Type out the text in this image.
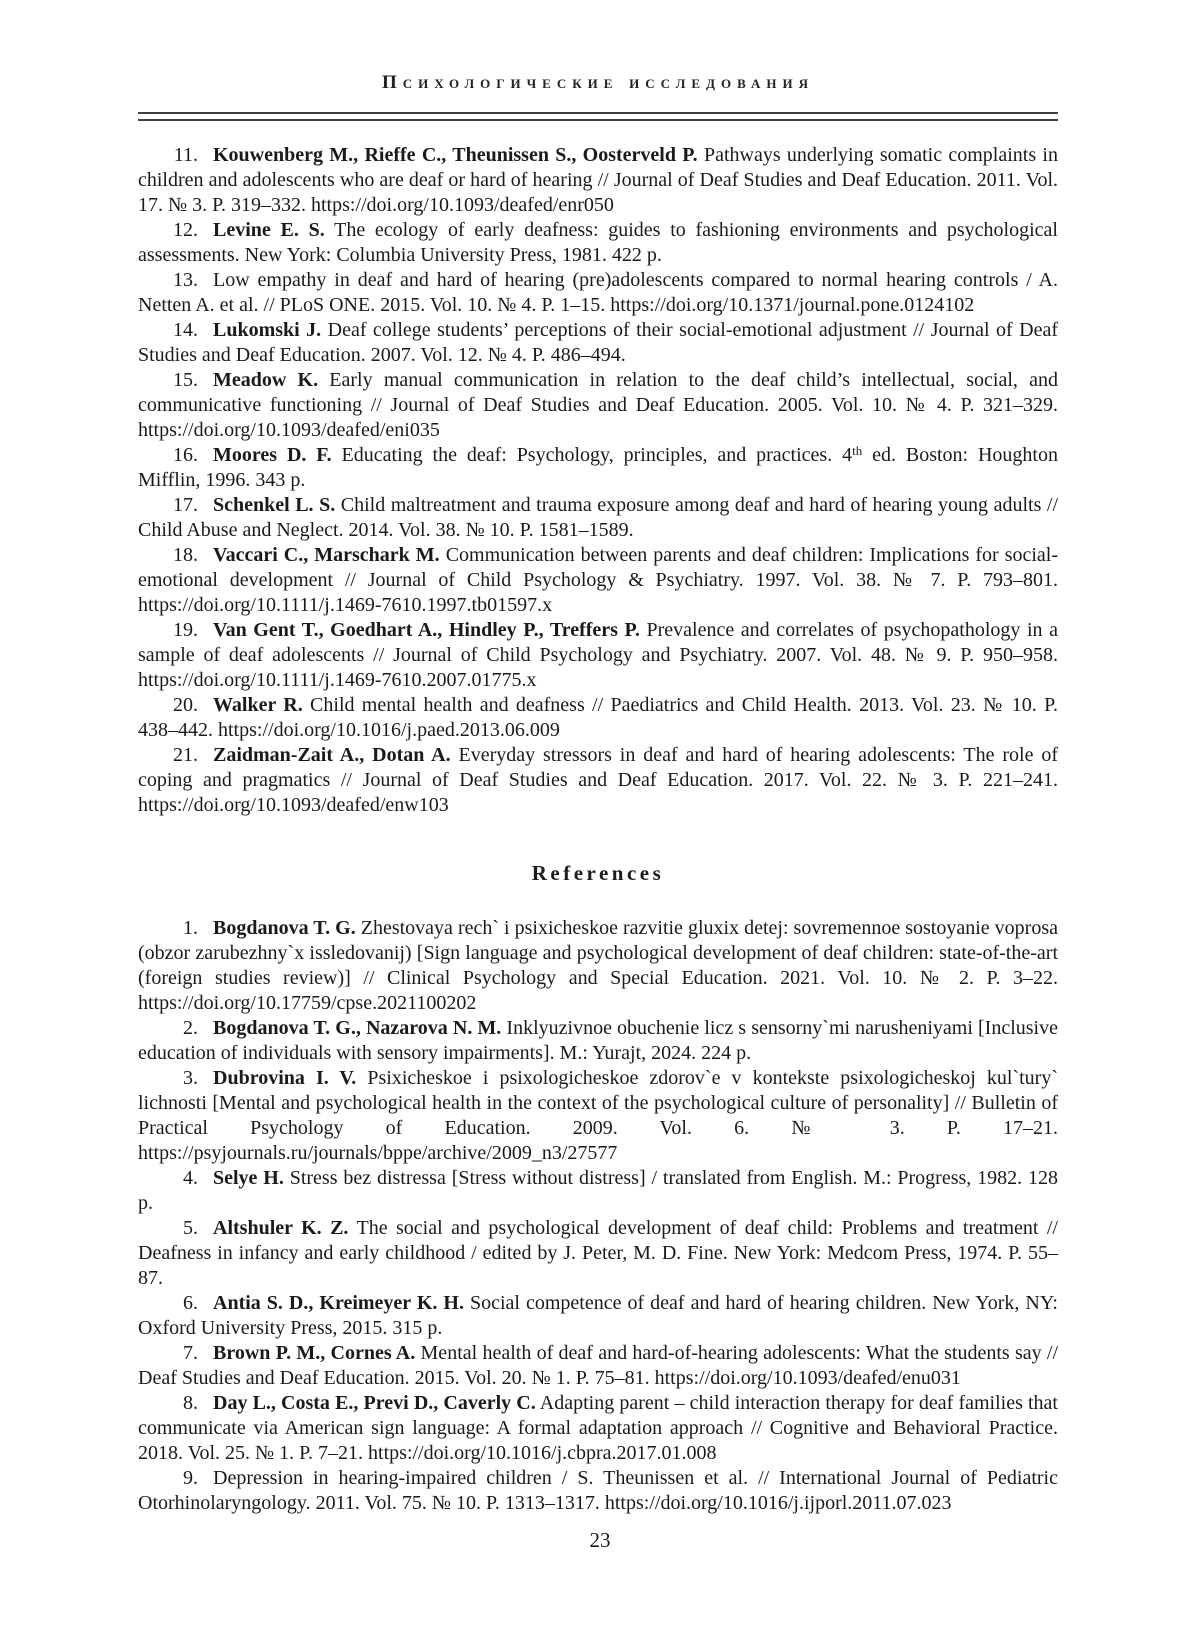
Психологические исследования

11. Kouwenberg M., Rieffe C., Theunissen S., Oosterveld P. Pathways underlying somatic complaints in children and adolescents who are deaf or hard of hearing // Journal of Deaf Studies and Deaf Education. 2011. Vol. 17. № 3. P. 319–332. https://doi.org/10.1093/deafed/enr050

12. Levine E. S. The ecology of early deafness: guides to fashioning environments and psychological assessments. New York: Columbia University Press, 1981. 422 p.

13. Low empathy in deaf and hard of hearing (pre)adolescents compared to normal hearing controls / A. Netten A. et al. // PLoS ONE. 2015. Vol. 10. № 4. P. 1–15. https://doi.org/10.1371/journal.pone.0124102

14. Lukomski J. Deaf college students’ perceptions of their social-emotional adjustment // Journal of Deaf Studies and Deaf Education. 2007. Vol. 12. № 4. P. 486–494.

15. Meadow K. Early manual communication in relation to the deaf child’s intellectual, social, and communicative functioning // Journal of Deaf Studies and Deaf Education. 2005. Vol. 10. № 4. P. 321–329. https://doi.org/10.1093/deafed/eni035

16. Moores D. F. Educating the deaf: Psychology, principles, and practices. 4th ed. Boston: Houghton Mifflin, 1996. 343 p.

17. Schenkel L. S. Child maltreatment and trauma exposure among deaf and hard of hearing young adults // Child Abuse and Neglect. 2014. Vol. 38. № 10. P. 1581–1589.

18. Vaccari C., Marschark M. Communication between parents and deaf children: Implications for social-emotional development // Journal of Child Psychology & Psychiatry. 1997. Vol. 38. № 7. P. 793–801. https://doi.org/10.1111/j.1469-7610.1997.tb01597.x

19. Van Gent T., Goedhart A., Hindley P., Treffers P. Prevalence and correlates of psychopathology in a sample of deaf adolescents // Journal of Child Psychology and Psychiatry. 2007. Vol. 48. № 9. P. 950–958. https://doi.org/10.1111/j.1469-7610.2007.01775.x

20. Walker R. Child mental health and deafness // Paediatrics and Child Health. 2013. Vol. 23. № 10. P. 438–442. https://doi.org/10.1016/j.paed.2013.06.009

21. Zaidman-Zait A., Dotan A. Everyday stressors in deaf and hard of hearing adolescents: The role of coping and pragmatics // Journal of Deaf Studies and Deaf Education. 2017. Vol. 22. № 3. P. 221–241. https://doi.org/10.1093/deafed/enw103

References

1. Bogdanova T. G. Zhestovaya rech` i psixicheskoe razvitie gluxix detej: sovremennoe sostoyanie voprosa (obzor zarubezhny`x issledovanij) [Sign language and psychological development of deaf children: state-of-the-art (foreign studies review)] // Clinical Psychology and Special Education. 2021. Vol. 10. № 2. P. 3–22. https://doi.org/10.17759/cpse.2021100202

2. Bogdanova T. G., Nazarova N. M. Inklyuzivnoe obuchenie licz s sensorny`mi narusheniyami [Inclusive education of individuals with sensory impairments]. M.: Yurajt, 2024. 224 p.

3. Dubrovina I. V. Psixicheskoe i psixologicheskoe zdorov`e v kontekste psixologicheskoj kul`tury` lichnosti [Mental and psychological health in the context of the psychological culture of personality] // Bulletin of Practical Psychology of Education. 2009. Vol. 6. № 3. P. 17–21. https://psyjournals.ru/journals/bppe/archive/2009_n3/27577

4. Selye H. Stress bez distressa [Stress without distress] / translated from English. M.: Progress, 1982. 128 p.

5. Altshuler K. Z. The social and psychological development of deaf child: Problems and treatment // Deafness in infancy and early childhood / edited by J. Peter, M. D. Fine. New York: Medcom Press, 1974. P. 55–87.

6. Antia S. D., Kreimeyer K. H. Social competence of deaf and hard of hearing children. New York, NY: Oxford University Press, 2015. 315 p.

7. Brown P. M., Cornes A. Mental health of deaf and hard-of-hearing adolescents: What the students say // Deaf Studies and Deaf Education. 2015. Vol. 20. № 1. P. 75–81. https://doi.org/10.1093/deafed/enu031

8. Day L., Costa E., Previ D., Caverly C. Adapting parent – child interaction therapy for deaf families that communicate via American sign language: A formal adaptation approach // Cognitive and Behavioral Practice. 2018. Vol. 25. № 1. P. 7–21. https://doi.org/10.1016/j.cbpra.2017.01.008

9. Depression in hearing-impaired children / S. Theunissen et al. // International Journal of Pediatric Otorhinolaryngology. 2011. Vol. 75. № 10. P. 1313–1317. https://doi.org/10.1016/j.ijporl.2011.07.023

23
